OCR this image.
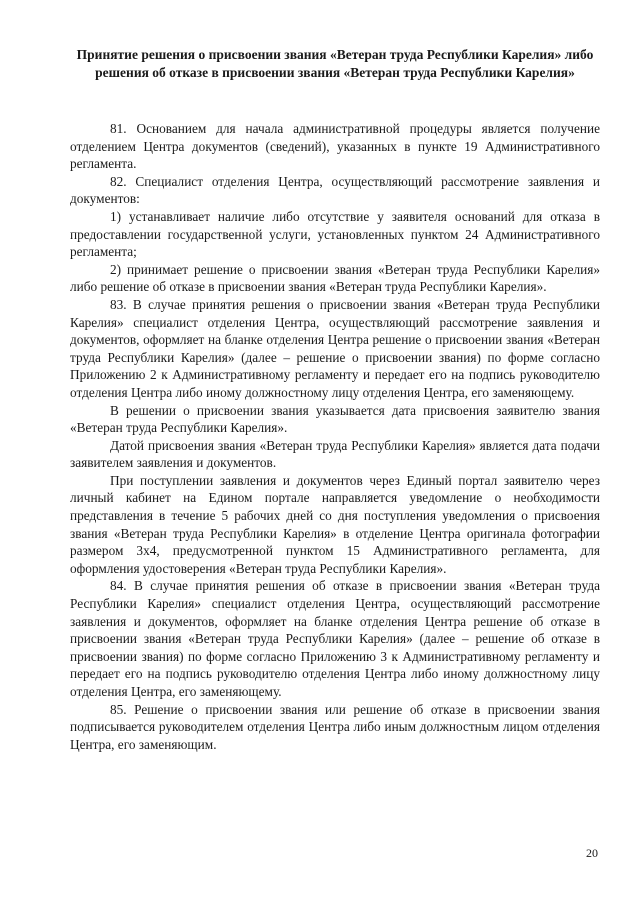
Принятие решения о присвоении звания «Ветеран труда Республики Карелия» либо решения об отказе в присвоении звания «Ветеран труда Республики Карелия»

81. Основанием для начала административной процедуры является получение отделением Центра документов (сведений), указанных в пункте 19 Административного регламента.

82. Специалист отделения Центра, осуществляющий рассмотрение заявления и документов:

1) устанавливает наличие либо отсутствие у заявителя оснований для отказа в предоставлении государственной услуги, установленных пунктом 24 Административного регламента;

2) принимает решение о присвоении звания «Ветеран труда Республики Карелия» либо решение об отказе в присвоении звания «Ветеран труда Республики Карелия».

83. В случае принятия решения о присвоении звания «Ветеран труда Республики Карелия» специалист отделения Центра, осуществляющий рассмотрение заявления и документов, оформляет на бланке отделения Центра решение о присвоении звания «Ветеран труда Республики Карелия» (далее – решение о присвоении звания) по форме согласно Приложению 2 к Административному регламенту и передает его на подпись руководителю отделения Центра либо иному должностному лицу отделения Центра, его заменяющему.

В решении о присвоении звания указывается дата присвоения заявителю звания «Ветеран труда Республики Карелия».

Датой присвоения звания «Ветеран труда Республики Карелия» является дата подачи заявителем заявления и документов.

При поступлении заявления и документов через Единый портал заявителю через личный кабинет на Едином портале направляется уведомление о необходимости представления в течение 5 рабочих дней со дня поступления уведомления о присвоения звания «Ветеран труда Республики Карелия» в отделение Центра оригинала фотографии размером 3х4, предусмотренной пунктом 15 Административного регламента, для оформления удостоверения «Ветеран труда Республики Карелия».

84. В случае принятия решения об отказе в присвоении звания «Ветеран труда Республики Карелия» специалист отделения Центра, осуществляющий рассмотрение заявления и документов, оформляет на бланке отделения Центра решение об отказе в присвоении звания «Ветеран труда Республики Карелия» (далее – решение об отказе в присвоении звания) по форме согласно Приложению 3 к Административному регламенту и передает его на подпись руководителю отделения Центра либо иному должностному лицу отделения Центра, его заменяющему.

85. Решение о присвоении звания или решение об отказе в присвоении звания подписывается руководителем отделения Центра либо иным должностным лицом отделения Центра, его заменяющим.

20
